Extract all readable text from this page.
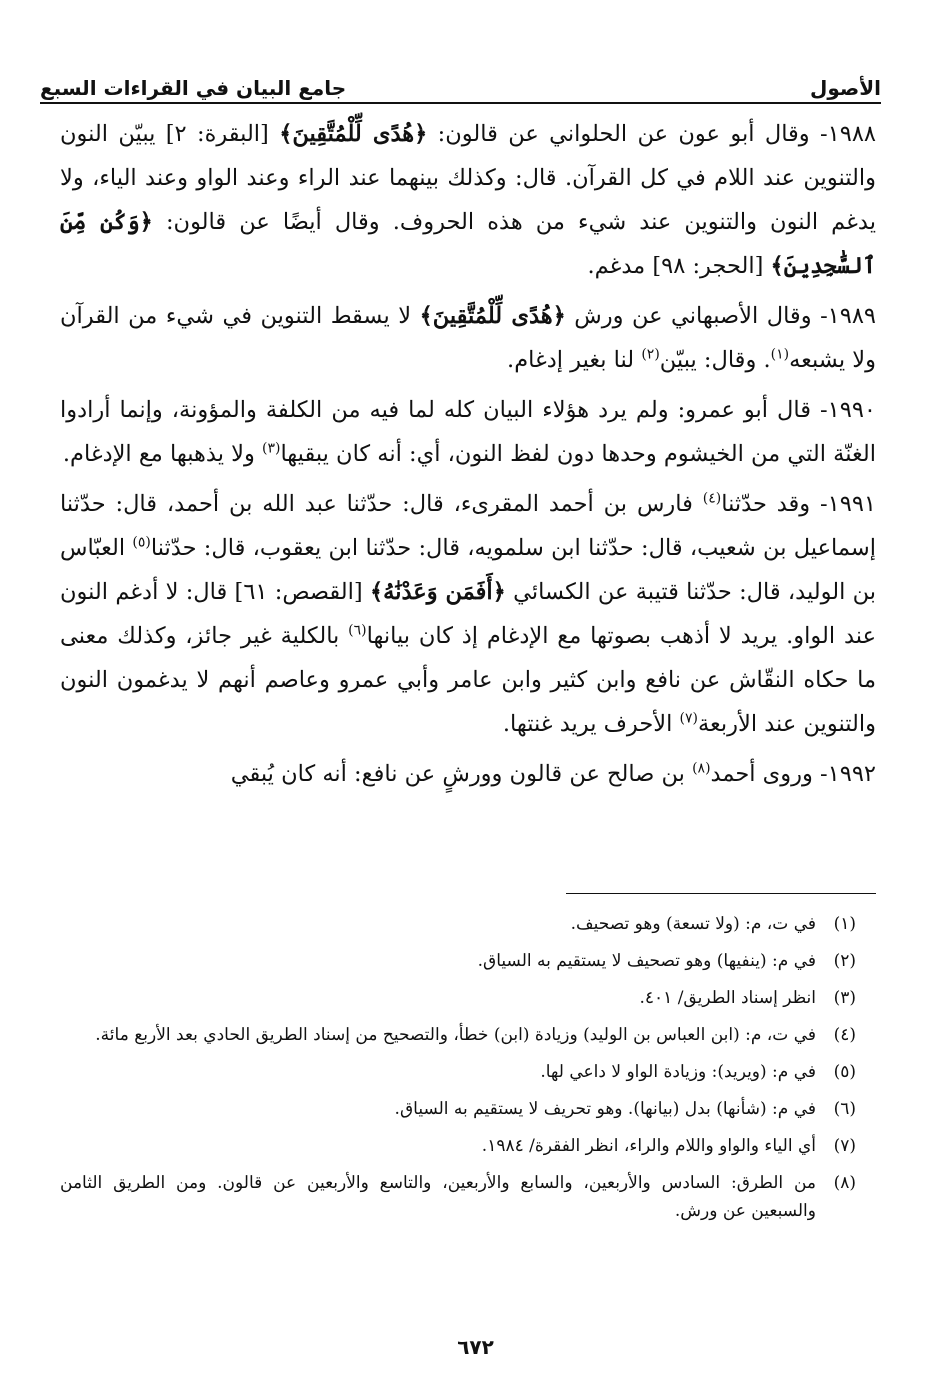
الأصول
جامع البيان في القراءات السبع

١٩٨٨- وقال أبو عون عن الحلواني عن قالون: ﴿هُدًى لِّلْمُتَّقِينَ﴾ [البقرة: ٢] يبيّن النون والتنوين عند اللام في كل القرآن. قال: وكذلك بينهما عند الراء وعند الواو وعند الياء، ولا يدغم النون والتنوين عند شيء من هذه الحروف. وقال أيضًا عن قالون: ﴿وَكُن مِّنَ ٱلسَّٰجِدِينَ﴾ [الحجر: ٩٨] مدغم.

١٩٨٩- وقال الأصبهاني عن ورش ﴿هُدًى لِّلْمُتَّقِينَ﴾ لا يسقط التنوين في شيء من القرآن ولا يشبعه$^{(١)}$. وقال: يبيّن$^{(٢)}$ لنا بغير إدغام.

١٩٩٠- قال أبو عمرو: ولم يرد هؤلاء البيان كله لما فيه من الكلفة والمؤونة، وإنما أرادوا الغنّة التي من الخيشوم وحدها دون لفظ النون، أي: أنه كان يبقيها$^{(٣)}$ ولا يذهبها مع الإدغام.

١٩٩١- وقد حدّثنا$^{(٤)}$ فارس بن أحمد المقرىء، قال: حدّثنا عبد الله بن أحمد، قال: حدّثنا إسماعيل بن شعيب، قال: حدّثنا ابن سلمويه، قال: حدّثنا ابن يعقوب، قال: حدّثنا$^{(٥)}$ العبّاس بن الوليد، قال: حدّثنا قتيبة عن الكسائي ﴿أَفَمَن وَعَدْنَٰهُ﴾ [القصص: ٦١] قال: لا أدغم النون عند الواو. يريد لا أذهب بصوتها مع الإدغام إذ كان بيانها$^{(٦)}$ بالكلية غير جائز، وكذلك معنى ما حكاه النقّاش عن نافع وابن كثير وابن عامر وأبي عمرو وعاصم أنهم لا يدغمون النون والتنوين عند الأربعة$^{(٧)}$ الأحرف يريد غنتها.

١٩٩٢- وروى أحمد$^{(٨)}$ بن صالح عن قالون وورشٍ عن نافع: أنه كان يُبقي

(١)
في ت، م: (ولا تسعة) وهو تصحيف.
(٢)
في م: (ينفيها) وهو تصحيف لا يستقيم به السياق.
(٣)
انظر إسناد الطريق/ ٤٠١.
(٤)
في ت، م: (ابن العباس بن الوليد) وزيادة (ابن) خطأ، والتصحيح من إسناد الطريق الحادي بعد الأربع مائة.
(٥)
في م: (ويريد): وزيادة الواو لا داعي لها.
(٦)
في م: (شأنها) بدل (بيانها). وهو تحريف لا يستقيم به السياق.
(٧)
أي الياء والواو واللام والراء، انظر الفقرة/ ١٩٨٤.
(٨)
من الطرق: السادس والأربعين، والسابع والأربعين، والتاسع والأربعين عن قالون. ومن الطريق الثامن والسبعين عن ورش.
٦٧٢
